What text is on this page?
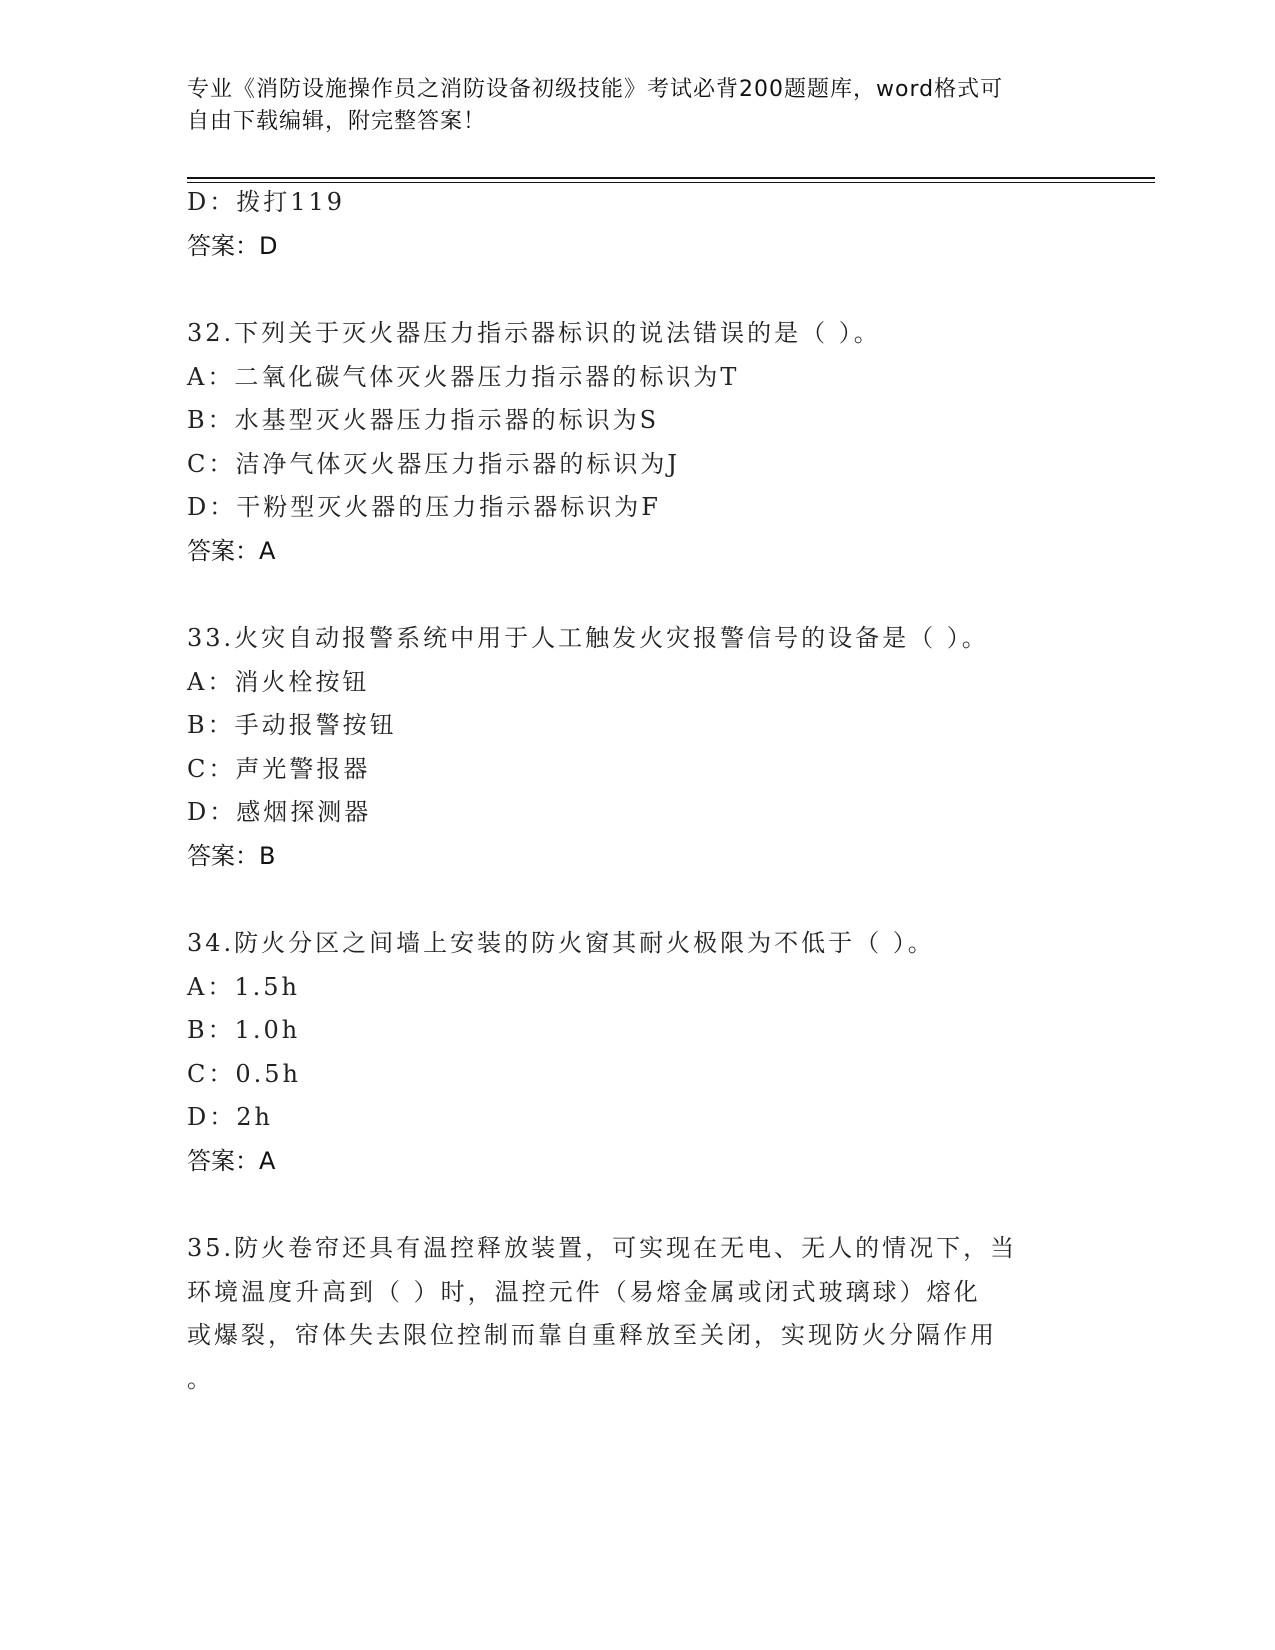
专业《消防设施操作员之消防设备初级技能》考试必背200题题库，word格式可
自由下载编辑，附完整答案！
D：拨打119
答案：D
32.下列关于灭火器压力指示器标识的说法错误的是（ ）。
A：二氧化碳气体灭火器压力指示器的标识为T
B：水基型灭火器压力指示器的标识为S
C：洁净气体灭火器压力指示器的标识为J
D：干粉型灭火器的压力指示器标识为F
答案：A
33.火灾自动报警系统中用于人工触发火灾报警信号的设备是（ ）。
A：消火栓按钮
B：手动报警按钮
C：声光警报器
D：感烟探测器
答案：B
34.防火分区之间墙上安装的防火窗其耐火极限为不低于（ ）。
A：1.5h
B：1.0h
C：0.5h
D：2h
答案：A
35.防火卷帘还具有温控释放装置，可实现在无电、无人的情况下，当
环境温度升高到（ ）时，温控元件（易熔金属或闭式玻璃球）熔化
或爆裂，帘体失去限位控制而靠自重释放至关闭，实现防火分隔作用
。
